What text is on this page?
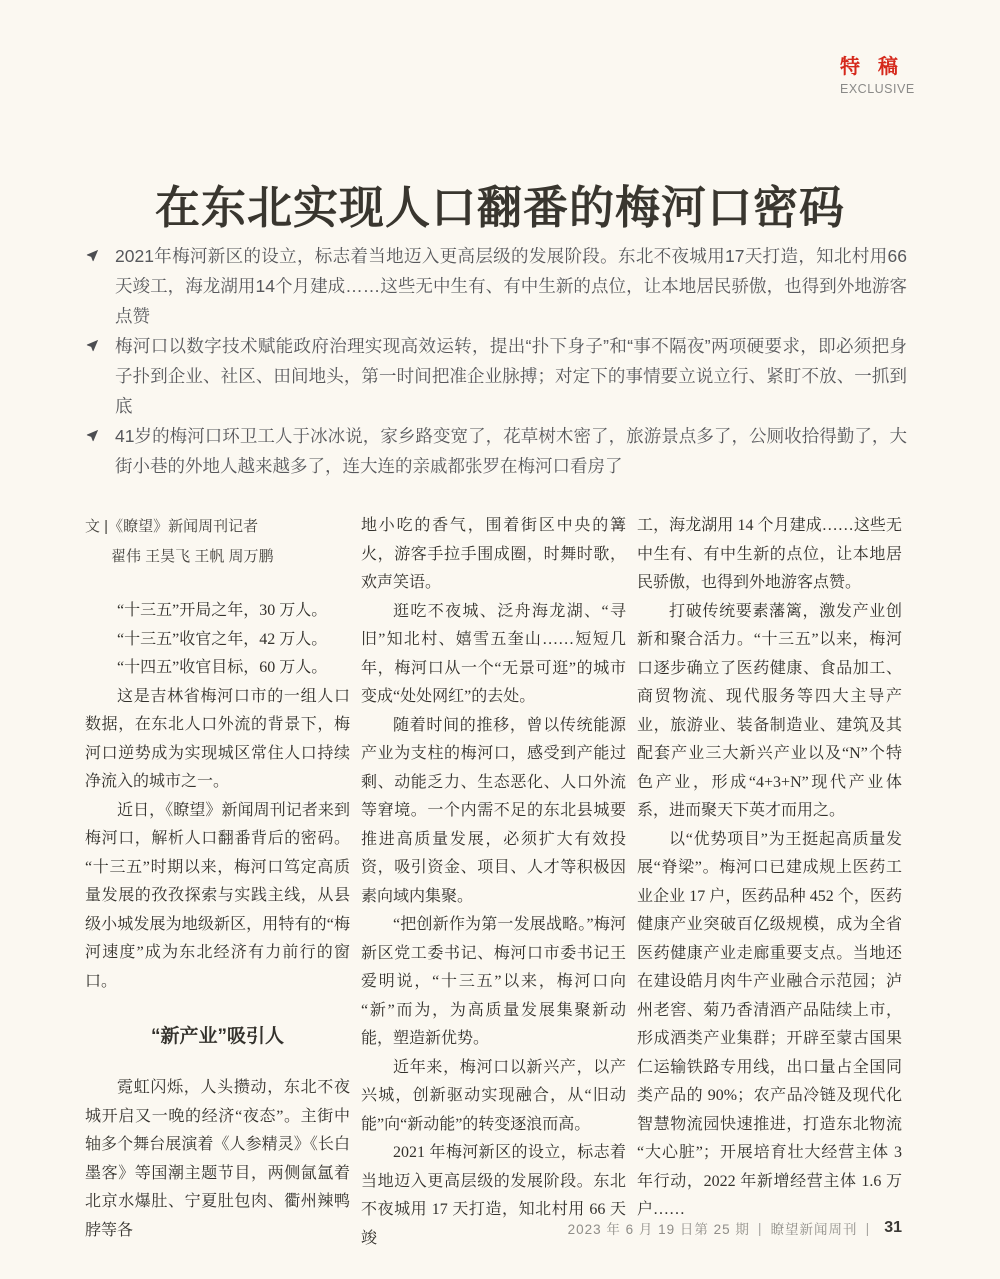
特稿
EXCLUSIVE
在东北实现人口翻番的梅河口密码
2021年梅河新区的设立，标志着当地迈入更高层级的发展阶段。东北不夜城用17天打造，知北村用66天竣工，海龙湖用14个月建成……这些无中生有、有中生新的点位，让本地居民骄傲，也得到外地游客点赞
梅河口以数字技术赋能政府治理实现高效运转，提出“扑下身子”和“事不隔夜”两项硬要求，即必须把身子扑到企业、社区、田间地头，第一时间把准企业脉搏；对定下的事情要立说立行、紧盯不放、一抓到底
41岁的梅河口环卫工人于冰冰说，家乡路变宽了，花草树木密了，旅游景点多了，公厕收拾得勤了，大街小巷的外地人越来越多了，连大连的亲戚都张罗在梅河口看房了
文 |《瞭望》新闻周刊记者
翟伟 王昊飞 王帆 周万鹏

“十三五”开局之年，30 万人。

“十三五”收官之年，42 万人。

“十四五”收官目标，60 万人。

这是吉林省梅河口市的一组人口数据，在东北人口外流的背景下，梅河口逆势成为实现城区常住人口持续净流入的城市之一。

近日，《瞭望》新闻周刊记者来到梅河口，解析人口翻番背后的密码。“十三五”时期以来，梅河口笃定高质量发展的孜孜探索与实践主线，从县级小城发展为地级新区，用特有的“梅河速度”成为东北经济有力前行的窗口。

“新产业”吸引人

霓虹闪烁，人头攒动，东北不夜城开启又一晚的经济“夜态”。主街中轴多个舞台展演着《人参精灵》《长白墨客》等国潮主题节目，两侧氤氲着北京水爆肚、宁夏肚包肉、衢州辣鸭脖等各

地小吃的香气，围着街区中央的篝火，游客手拉手围成圈，时舞时歌，欢声笑语。

逛吃不夜城、泛舟海龙湖、“寻旧”知北村、嬉雪五奎山……短短几年，梅河口从一个“无景可逛”的城市变成“处处网红”的去处。

随着时间的推移，曾以传统能源产业为支柱的梅河口，感受到产能过剩、动能乏力、生态恶化、人口外流等窘境。一个内需不足的东北县城要推进高质量发展，必须扩大有效投资，吸引资金、项目、人才等积极因素向域内集聚。

“把创新作为第一发展战略。”梅河新区党工委书记、梅河口市委书记王爱明说，“十三五”以来，梅河口向“新”而为，为高质量发展集聚新动能，塑造新优势。

近年来，梅河口以新兴产，以产兴城，创新驱动实现融合，从“旧动能”向“新动能”的转变逐浪而高。

2021 年梅河新区的设立，标志着当地迈入更高层级的发展阶段。东北不夜城用 17 天打造，知北村用 66 天竣

工，海龙湖用 14 个月建成……这些无中生有、有中生新的点位，让本地居民骄傲，也得到外地游客点赞。

打破传统要素藩篱，激发产业创新和聚合活力。“十三五”以来，梅河口逐步确立了医药健康、食品加工、商贸物流、现代服务等四大主导产业，旅游业、装备制造业、建筑及其配套产业三大新兴产业以及“N”个特色产业，形成“4+3+N”现代产业体系，进而聚天下英才而用之。

以“优势项目”为王挺起高质量发展“脊梁”。梅河口已建成规上医药工业企业 17 户，医药品种 452 个，医药健康产业突破百亿级规模，成为全省医药健康产业走廊重要支点。当地还在建设皓月肉牛产业融合示范园；泸州老窖、菊乃香清酒产品陆续上市，形成酒类产业集群；开辟至蒙古国果仁运输铁路专用线，出口量占全国同类产品的 90%；农产品冷链及现代化智慧物流园快速推进，打造东北物流“大心脏”；开展培育壮大经营主体 3 年行动，2022 年新增经营主体 1.6 万户……

2023 年 6 月 19 日第 25 期 | 瞭望新闻周刊 | 31
